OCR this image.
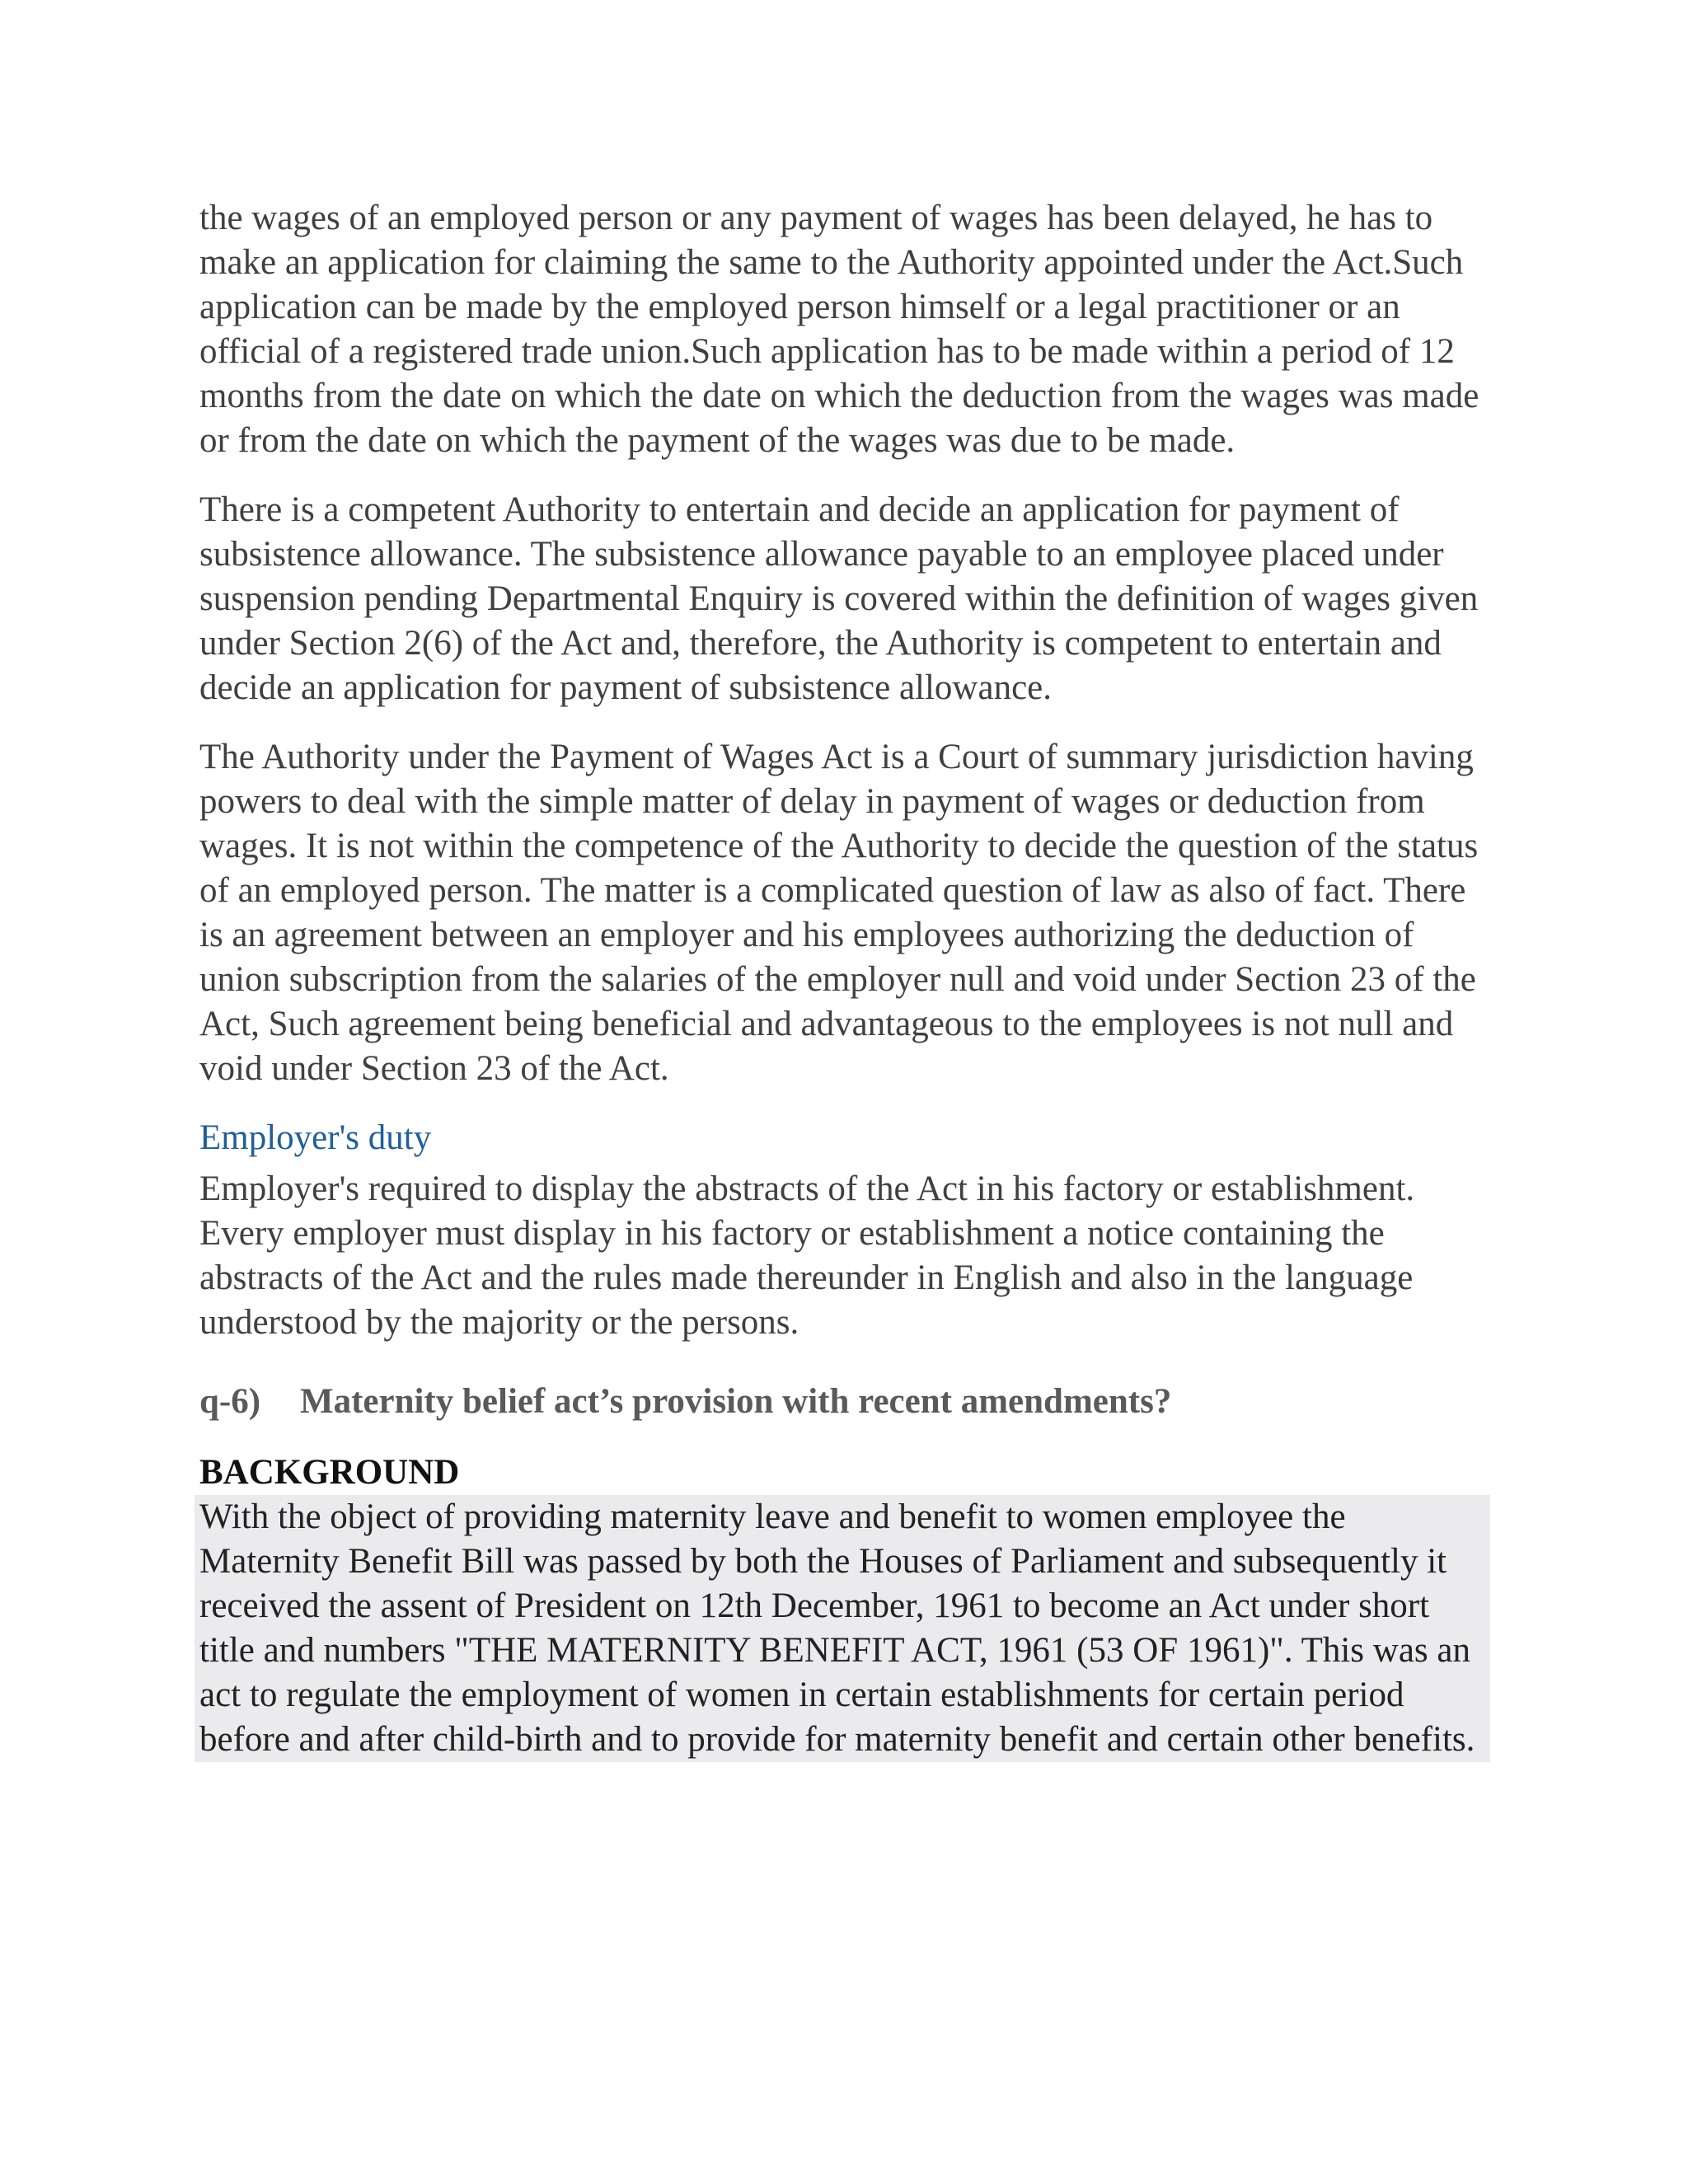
the wages of an employed person or any payment of wages has been delayed, he has to make an application for claiming the same to the Authority appointed under the Act.Such application can be made by the employed person himself or a legal practitioner or an official of a registered trade union.Such application has to be made within a period of 12 months from the date on which the date on which the deduction from the wages was made or from the date on which the payment of the wages was due to be made.

There is a competent Authority to entertain and decide an application for payment of subsistence allowance. The subsistence allowance payable to an employee placed under suspension pending Departmental Enquiry is covered within the definition of wages given under Section 2(6) of the Act and, therefore, the Authority is competent to entertain and decide an application for payment of subsistence allowance.

The Authority under the Payment of Wages Act is a Court of summary jurisdiction having powers to deal with the simple matter of delay in payment of wages or deduction from wages. It is not within the competence of the Authority to decide the question of the status of an employed person. The matter is a complicated question of law as also of fact. There is an agreement between an employer and his employees authorizing the deduction of union subscription from the salaries of the employer null and void under Section 23 of the Act, Such agreement being beneficial and advantageous to the employees is not null and void under Section 23 of the Act.

Employer's duty

Employer's required to display the abstracts of the Act in his factory or establishment. Every employer must display in his factory or establishment a notice containing the abstracts of the Act and the rules made thereunder in English and also in the language understood by the majority or the persons.

q-6) Maternity belief act’s provision with recent amendments?
BACKGROUND

With the object of providing maternity leave and benefit to women employee the Maternity Benefit Bill was passed by both the Houses of Parliament and subsequently it received the assent of President on 12th December, 1961 to become an Act under short title and numbers "THE MATERNITY BENEFIT ACT, 1961 (53 OF 1961)". This was an act to regulate the employment of women in certain establishments for certain period before and after child-birth and to provide for maternity benefit and certain other benefits.
